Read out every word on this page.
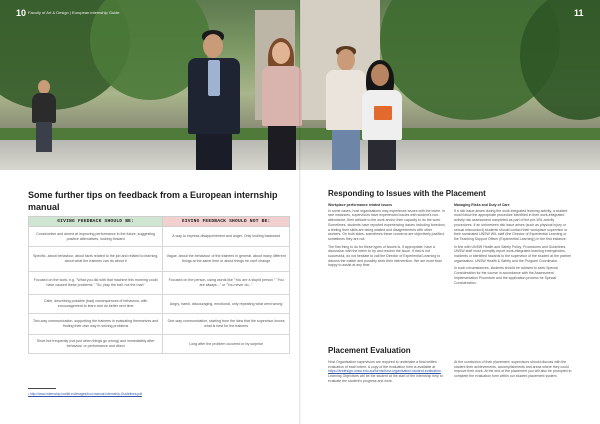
10 Faculty of Art & Design | European internship Guide	11
Some further tips on feedback from a European internship manual
GIVING FEEDBACK SHOULD BE:	GIVING FEEDBACK SHOULD NOT BE:
Constructive and aimed at improving performance in the future, suggesting positive alternatives, looking forward	A way to express disappointment and anger. Only looking backward
Specific, about behaviour, about facts related to the job and related to learning, about what the trainees can do about it	Vague, about the behaviour of the trainees in general, about many different things at the same time or about things he can't change
Focused on the work, e.g. "What you did with that machine this morning could have caused these problems." "So, play the ball, not the man"	Focused on the person, using words like "You are a stupid person." "You are always..." or "You never do..."
Calm, describing possible (bad) consequences of behaviour, with encouragement to learn and do better next time	Angry, harsh, discouraging, emotional, only repeating what went wrong
Two-way communication, supporting the trainees in evaluating themselves and finding their own way in solving problems	One-way communication, starting from the idea that the supervisor knows what is best for the trainees
Short but frequently (not just when things go wrong) and immediately after behaviour or performance and direct	Long after the problem occurred or by surprise
¹ http://www.internship-toolkit.eu/images/tool-manual-internship-Guidelines.pdf
Responding to Issues with the Placement
Workplace performance related issues

In some cases, host organisations may experience issues with the intern. In rare instances, supervisors have experienced issues with student's non-attendance, their attitude to the work and/or their capacity to do the work. Sometimes, students have reported experiencing issues including boredom, a feeling their skills are being wasted and disagreements with other workers. On both sides, sometimes these concerns are objectively justified; sometimes they are not.

The first thing to do for these types of issues is, if appropriate, have a discussion with the intern to try and resolve the issue. If that is not successful, do not hesitate to call the Director of Experiential Learning to discuss the matter and possibly seek their intervention. We are more than happy to assist at any time.

Managing Risks and Duty of Care

If a risk issue arises during the work integrated learning activity, a student must follow the appropriate procedure identified in their work-integrated activity risk assessment completed as part of the pre-WIL activity procedures. If an unforeseen risk issue arises (such as physical injury or sexual misconduct) students should contact their workplace supervisor or their nominated UNSW WIL staff (the Director of Experiential Learning or the Teaching Support Officer (Experiential Learning)) in the first instance.

In line with UNSW Health and Safety Policy, Procedures and Guidelines, UNSW staff must promptly report work-integrated learning emergencies, incidents or identified hazards to the supervisor of the student at the partner organisation, UNSW Health & Safety and the Program Coordinator.

In such circumstances, students should be advised to seek Special Consideration for the course in accordance with the Assessment Implementation Procedure and the application process for Special Consideration.

Placement Evaluation

Host Organisation supervisors are required to undertake a final written evaluation of each intern. A copy of the evaluation form is available at https://artdesign.unsw.edu.au/forms/host-organisation-student-evaluation. Learning Objectives will be the student at the start of the internship help to evaluate the student's progress and work.

At the conclusion of their placement, supervisors should discuss with the student their achievements, accomplishments and areas where they could improve their work. At the end of the placement you will also be prompted to complete the evaluation form within our student placement system.
